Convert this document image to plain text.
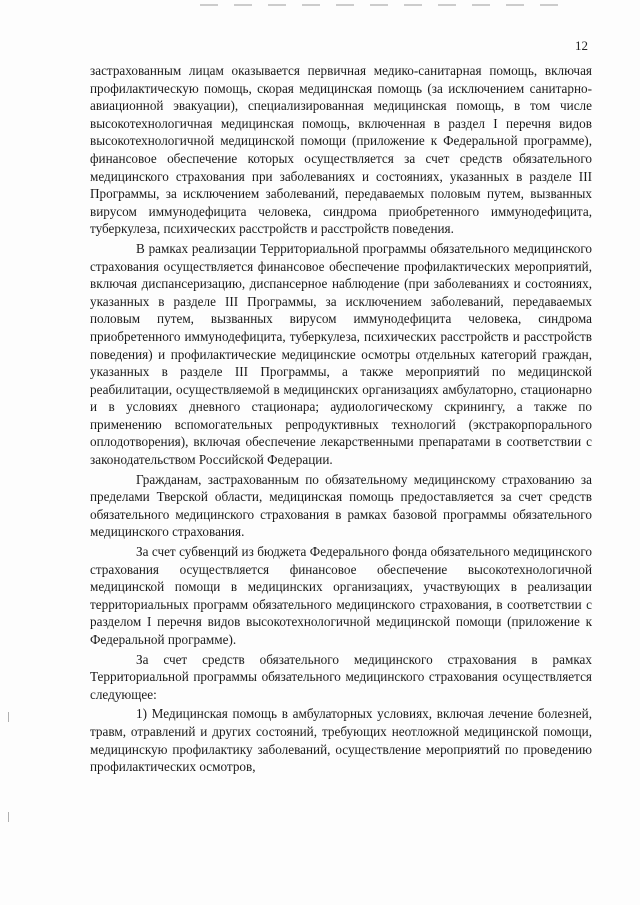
12

застрахованным лицам оказывается первичная медико-санитарная помощь, включая профилактическую помощь, скорая медицинская помощь (за исключением санитарно-авиационной эвакуации), специализированная медицинская помощь, в том числе высокотехнологичная медицинская помощь, включенная в раздел I перечня видов высокотехнологичной медицинской помощи (приложение к Федеральной программе), финансовое обеспечение которых осуществляется за счет средств обязательного медицинского страхования при заболеваниях и состояниях, указанных в разделе III Программы, за исключением заболеваний, передаваемых половым путем, вызванных вирусом иммунодефицита человека, синдрома приобретенного иммунодефицита, туберкулеза, психических расстройств и расстройств поведения.

В рамках реализации Территориальной программы обязательного медицинского страхования осуществляется финансовое обеспечение профилактических мероприятий, включая диспансеризацию, диспансерное наблюдение (при заболеваниях и состояниях, указанных в разделе III Программы, за исключением заболеваний, передаваемых половым путем, вызванных вирусом иммунодефицита человека, синдрома приобретенного иммунодефицита, туберкулеза, психических расстройств и расстройств поведения) и профилактические медицинские осмотры отдельных категорий граждан, указанных в разделе III Программы, а также мероприятий по медицинской реабилитации, осуществляемой в медицинских организациях амбулаторно, стационарно и в условиях дневного стационара; аудиологическому скринингу, а также по применению вспомогательных репродуктивных технологий (экстракорпорального оплодотворения), включая обеспечение лекарственными препаратами в соответствии с законодательством Российской Федерации.

Гражданам, застрахованным по обязательному медицинскому страхованию за пределами Тверской области, медицинская помощь предоставляется за счет средств обязательного медицинского страхования в рамках базовой программы обязательного медицинского страхования.

За счет субвенций из бюджета Федерального фонда обязательного медицинского страхования осуществляется финансовое обеспечение высокотехнологичной медицинской помощи в медицинских организациях, участвующих в реализации территориальных программ обязательного медицинского страхования, в соответствии с разделом I перечня видов высокотехнологичной медицинской помощи (приложение к Федеральной программе).

За счет средств обязательного медицинского страхования в рамках Территориальной программы обязательного медицинского страхования осуществляется следующее:

1) Медицинская помощь в амбулаторных условиях, включая лечение болезней, травм, отравлений и других состояний, требующих неотложной медицинской помощи, медицинскую профилактику заболеваний, осуществление мероприятий по проведению профилактических осмотров,
